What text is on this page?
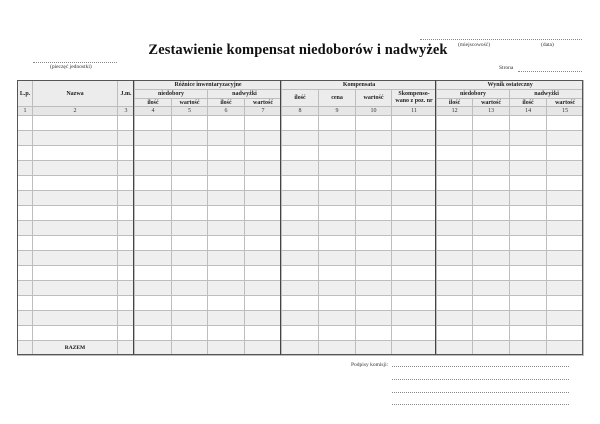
Zestawienie kompensat niedoborów i nadwyżek
(pieczęć jednostki)
(miejscowość)	(data)
Strona
L.p.	Nazwa	J.m.	Różnice inwentaryzacyjne				Kompensata				Wynik ostateczny			
			niedobory		nadwyżki		ilość	cena	wartość	Skompenso-wano z poz. nr	niedobory		nadwyżki	
			ilość	wartość	ilość	wartość					ilość	wartość	ilość	wartość
1	2	3	4	5	6	7	8	9	10	11	12	13	14	15

	RAZEM													
Podpisy komisji:
